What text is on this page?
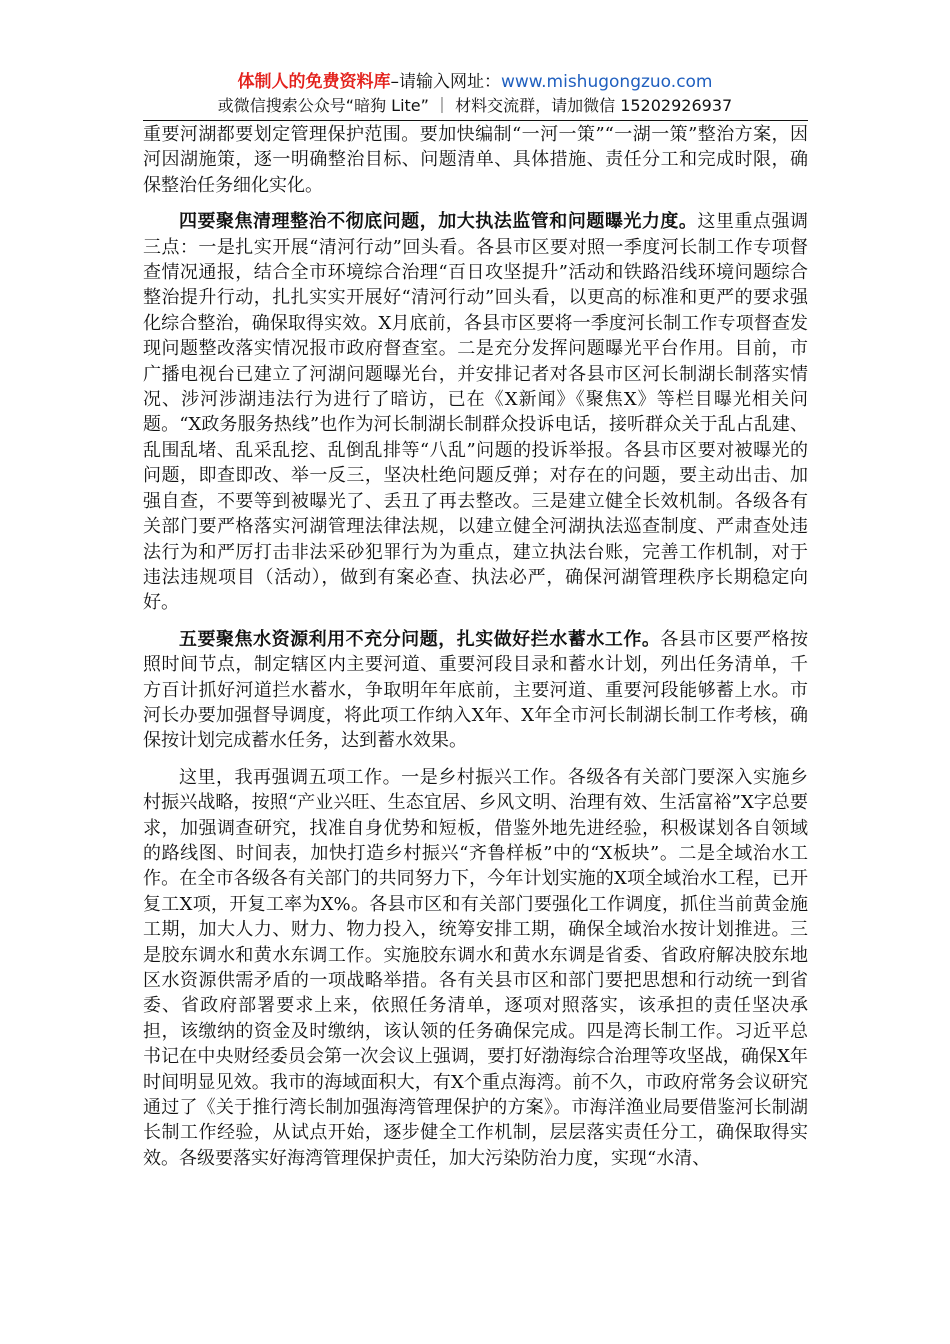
体制人的免费资料库–请输入网址：www.mishugongzuo.com
或微信搜索公众号“暗狗 Lite” ｜ 材料交流群，请加微信 15202926937

重要河湖都要划定管理保护范围。要加快编制“一河一策”“一湖一策”整治方案，因河因湖施策，逐一明确整治目标、问题清单、具体措施、责任分工和完成时限，确保整治任务细化实化。

四要聚焦清理整治不彻底问题，加大执法监管和问题曝光力度。这里重点强调三点：一是扎实开展“清河行动”回头看。各县市区要对照一季度河长制工作专项督查情况通报，结合全市环境综合治理“百日攻坚提升”活动和铁路沿线环境问题综合整治提升行动，扎扎实实开展好“清河行动”回头看，以更高的标准和更严的要求强化综合整治，确保取得实效。X月底前，各县市区要将一季度河长制工作专项督查发现问题整改落实情况报市政府督查室。二是充分发挥问题曝光平台作用。目前，市广播电视台已建立了河湖问题曝光台，并安排记者对各县市区河长制湖长制落实情况、涉河涉湖违法行为进行了暗访，已在《X新闻》《聚焦X》等栏目曝光相关问题。“X政务服务热线”也作为河长制湖长制群众投诉电话，接听群众关于乱占乱建、乱围乱堵、乱采乱挖、乱倒乱排等“八乱”问题的投诉举报。各县市区要对被曝光的问题，即查即改、举一反三，坚决杜绝问题反弹；对存在的问题，要主动出击、加强自查，不要等到被曝光了、丢丑了再去整改。三是建立健全长效机制。各级各有关部门要严格落实河湖管理法律法规，以建立健全河湖执法巡查制度、严肃查处违法行为和严厉打击非法采砂犯罪行为为重点，建立执法台账，完善工作机制，对于违法违规项目（活动），做到有案必查、执法必严，确保河湖管理秩序长期稳定向好。

五要聚焦水资源利用不充分问题，扎实做好拦水蓄水工作。各县市区要严格按照时间节点，制定辖区内主要河道、重要河段目录和蓄水计划，列出任务清单，千方百计抓好河道拦水蓄水，争取明年年底前，主要河道、重要河段能够蓄上水。市河长办要加强督导调度，将此项工作纳入X年、X年全市河长制湖长制工作考核，确保按计划完成蓄水任务，达到蓄水效果。

这里，我再强调五项工作。一是乡村振兴工作。各级各有关部门要深入实施乡村振兴战略，按照“产业兴旺、生态宜居、乡风文明、治理有效、生活富裕”X字总要求，加强调查研究，找准自身优势和短板，借鉴外地先进经验，积极谋划各自领域的路线图、时间表，加快打造乡村振兴“齐鲁样板”中的“X板块”。二是全域治水工作。在全市各级各有关部门的共同努力下，今年计划实施的X项全域治水工程，已开复工X项，开复工率为X%。各县市区和有关部门要强化工作调度，抓住当前黄金施工期，加大人力、财力、物力投入，统筹安排工期，确保全域治水按计划推进。三是胶东调水和黄水东调工作。实施胶东调水和黄水东调是省委、省政府解决胶东地区水资源供需矛盾的一项战略举措。各有关县市区和部门要把思想和行动统一到省委、省政府部署要求上来，依照任务清单，逐项对照落实，该承担的责任坚决承担，该缴纳的资金及时缴纳，该认领的任务确保完成。四是湾长制工作。习近平总书记在中央财经委员会第一次会议上强调，要打好渤海综合治理等攻坚战，确保X年时间明显见效。我市的海域面积大，有X个重点海湾。前不久，市政府常务会议研究通过了《关于推行湾长制加强海湾管理保护的方案》。市海洋渔业局要借鉴河长制湖长制工作经验，从试点开始，逐步健全工作机制，层层落实责任分工，确保取得实效。各级要落实好海湾管理保护责任，加大污染防治力度，实现“水清、
